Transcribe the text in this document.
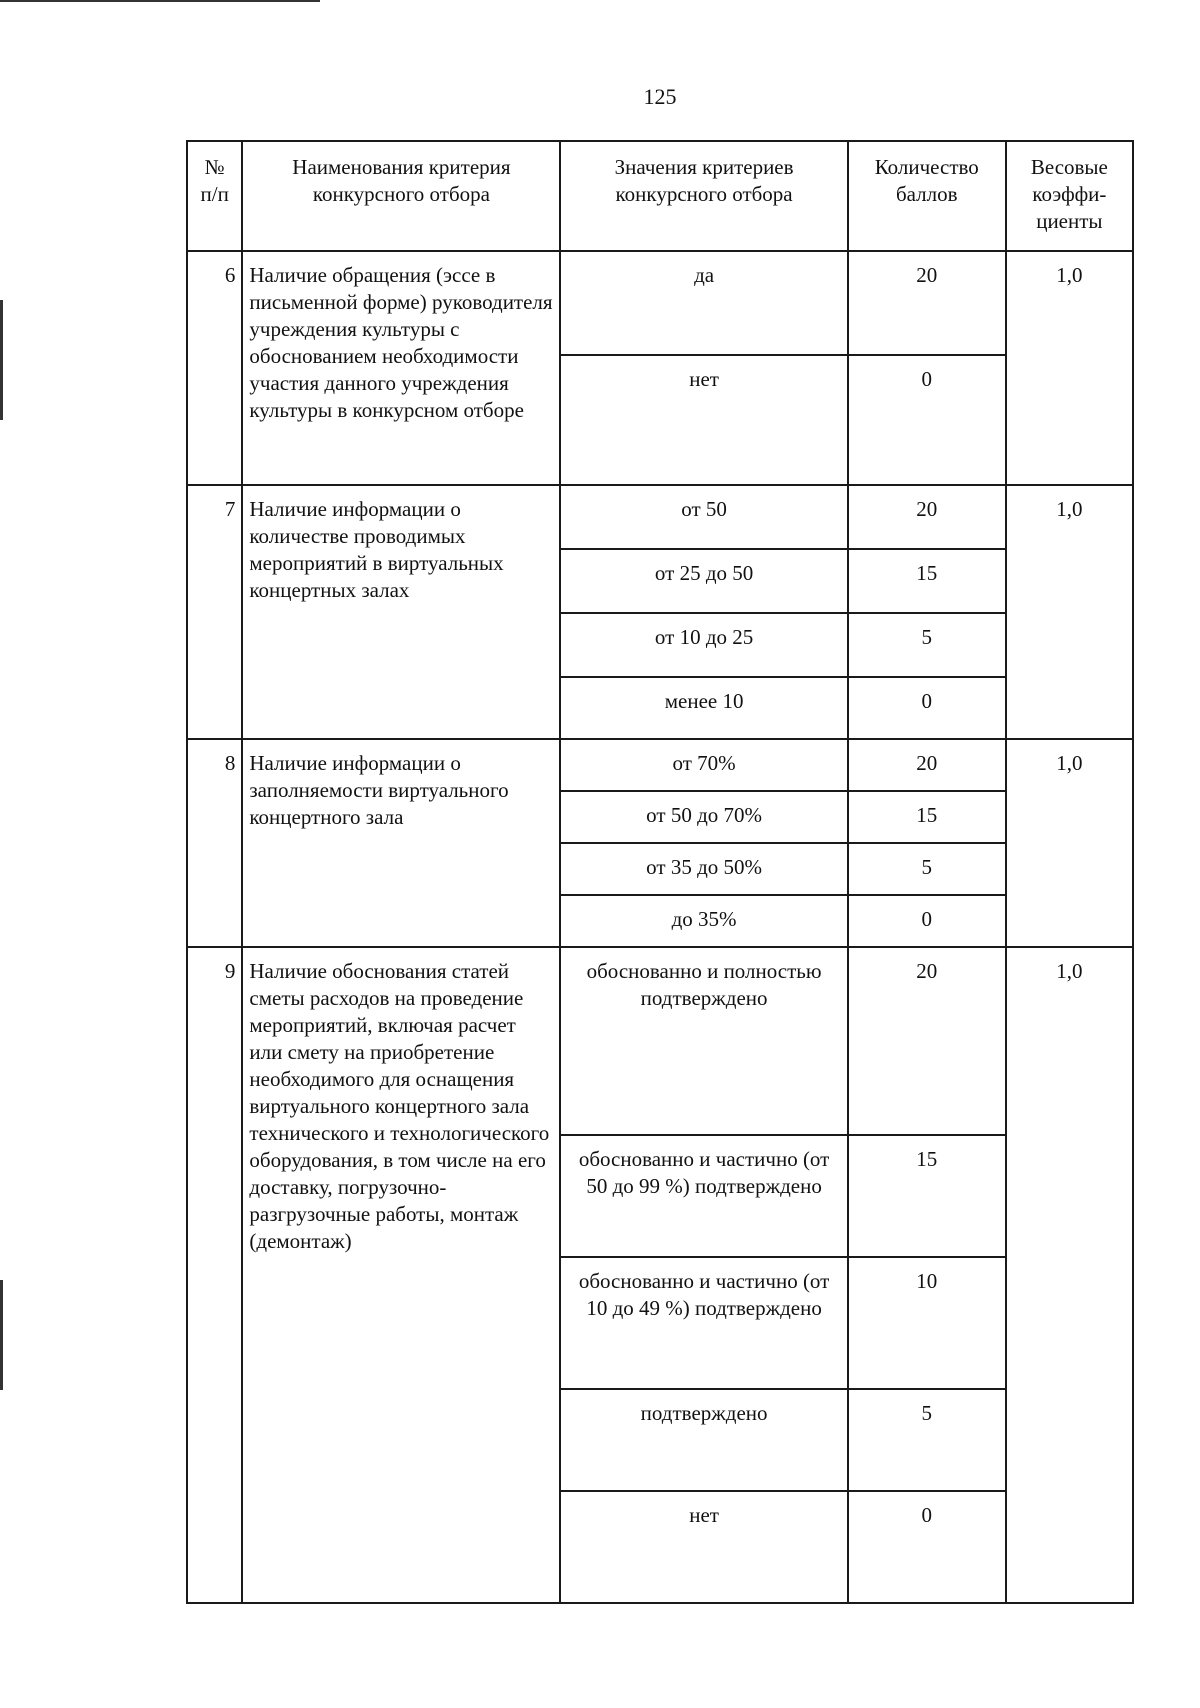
125
№ п/п	Наименования критерия конкурсного отбора	Значения критериев конкурсного отбора	Количество баллов	Весовые коэффи-циенты
6	Наличие обращения (эссе в письменной форме) руководителя учреждения культуры с обоснованием необходимости участия данного учреждения культуры в конкурсном отборе	да	20	1,0
		нет	0	
7	Наличие информации о количестве проводимых мероприятий в виртуальных концертных залах	от 50	20	1,0
		от 25 до 50	15	
		от 10 до 25	5	
		менее 10	0	
8	Наличие информации о заполняемости виртуального концертного зала	от 70%	20	1,0
		от 50 до 70%	15	
		от 35 до 50%	5	
		до 35%	0	
9	Наличие обоснования статей сметы расходов на проведение мероприятий, включая расчет или смету на приобретение необходимого для оснащения виртуального концертного зала технического и технологического оборудования, в том числе на его доставку, погрузочно-разгрузочные работы, монтаж (демонтаж)	обоснованно и полностью подтверждено	20	1,0
		обоснованно и частично (от 50 до 99 %) подтверждено	15	
		обоснованно и частично (от 10 до 49 %) подтверждено	10	
		подтверждено	5	
		нет	0	
